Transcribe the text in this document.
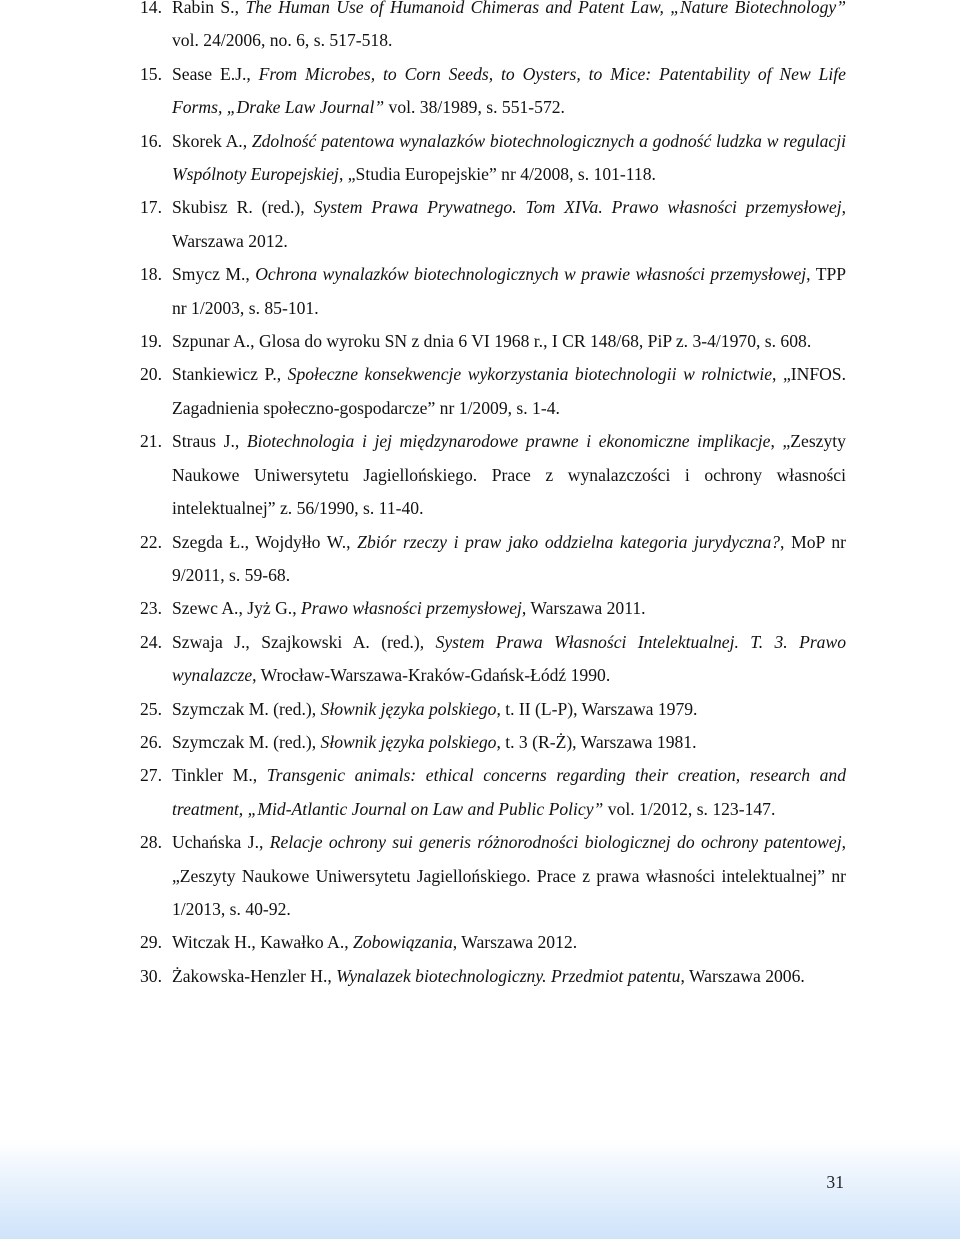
14. Rabin S., The Human Use of Humanoid Chimeras and Patent Law, „Nature Biotechnology” vol. 24/2006, no. 6, s. 517-518.
15. Sease E.J., From Microbes, to Corn Seeds, to Oysters, to Mice: Patentability of New Life Forms, „Drake Law Journal” vol. 38/1989, s. 551-572.
16. Skorek A., Zdolność patentowa wynalazków biotechnologicznych a godność ludzka w regulacji Wspólnoty Europejskiej, „Studia Europejskie” nr 4/2008, s. 101-118.
17. Skubisz R. (red.), System Prawa Prywatnego. Tom XIVa. Prawo własności przemysłowej, Warszawa 2012.
18. Smycz M., Ochrona wynalazków biotechnologicznych w prawie własności przemysłowej, TPP nr 1/2003, s. 85-101.
19. Szpunar A., Glosa do wyroku SN z dnia 6 VI 1968 r., I CR 148/68, PiP z. 3-4/1970, s. 608.
20. Stankiewicz P., Społeczne konsekwencje wykorzystania biotechnologii w rolnictwie, „INFOS. Zagadnienia społeczno-gospodarcze” nr 1/2009, s. 1-4.
21. Straus J., Biotechnologia i jej międzynarodowe prawne i ekonomiczne implikacje, „Zeszyty Naukowe Uniwersytetu Jagiellońskiego. Prace z wynalazczości i ochrony własności intelektualnej” z. 56/1990, s. 11-40.
22. Szegda Ł., Wojdyłło W., Zbiór rzeczy i praw jako oddzielna kategoria jurydyczna?, MoP nr 9/2011, s. 59-68.
23. Szewc A., Jyż G., Prawo własności przemysłowej, Warszawa 2011.
24. Szwaja J., Szajkowski A. (red.), System Prawa Własności Intelektualnej. T. 3. Prawo wynalazcze, Wrocław-Warszawa-Kraków-Gdańsk-Łódź 1990.
25. Szymczak M. (red.), Słownik języka polskiego, t. II (L-P), Warszawa 1979.
26. Szymczak M. (red.), Słownik języka polskiego, t. 3 (R-Ż), Warszawa 1981.
27. Tinkler M., Transgenic animals: ethical concerns regarding their creation, research and treatment, „Mid-Atlantic Journal on Law and Public Policy” vol. 1/2012, s. 123-147.
28. Uchańska J., Relacje ochrony sui generis różnorodności biologicznej do ochrony patentowej, „Zeszyty Naukowe Uniwersytetu Jagiellońskiego. Prace z prawa własności intelektualnej” nr 1/2013, s. 40-92.
29. Witczak H., Kawałko A., Zobowiązania, Warszawa 2012.
30. Żakowska-Henzler H., Wynalazek biotechnologiczny. Przedmiot patentu, Warszawa 2006.
31
